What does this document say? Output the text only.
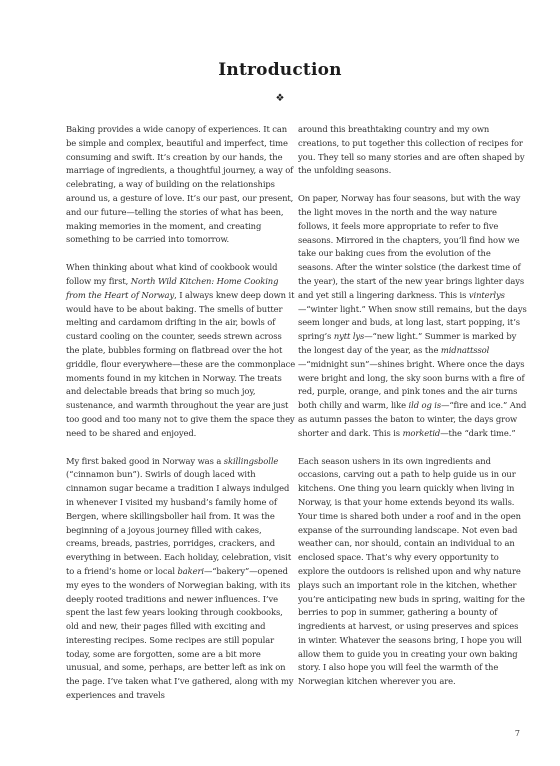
Introduction
❖

Baking provides a wide canopy of experiences. It can be simple and complex, beautiful and imperfect, time consuming and swift. It’s creation by our hands, the marriage of ingredients, a thoughtful journey, a way of celebrating, a way of building on the relationships around us, a gesture of love. It’s our past, our present, and our future—telling the stories of what has been, making memories in the moment, and creating something to be carried into tomorrow.

When thinking about what kind of cookbook would follow my first, North Wild Kitchen: Home Cooking from the Heart of Norway, I always knew deep down it would have to be about baking. The smells of butter melting and cardamom drifting in the air, bowls of custard cooling on the counter, seeds strewn across the plate, bubbles forming on flatbread over the hot griddle, flour everywhere—these are the commonplace moments found in my kitchen in Norway. The treats and delectable breads that bring so much joy, sustenance, and warmth throughout the year are just too good and too many not to give them the space they need to be shared and enjoyed.

My first baked good in Norway was a skillingsbolle (“cinnamon bun”). Swirls of dough laced with cinnamon sugar became a tradition I always indulged in whenever I visited my husband’s family home of Bergen, where skillingsboller hail from. It was the beginning of a joyous journey filled with cakes, creams, breads, pastries, porridges, crackers, and everything in between. Each holiday, celebration, visit to a friend’s home or local bakeri—“bakery”—opened my eyes to the wonders of Norwegian baking, with its deeply rooted traditions and newer influences. I’ve spent the last few years looking through cookbooks, old and new, their pages filled with exciting and interesting recipes. Some recipes are still popular today, some are forgotten, some are a bit more unusual, and some, perhaps, are better left as ink on the page. I’ve taken what I’ve gathered, along with my experiences and travels

around this breathtaking country and my own creations, to put together this collection of recipes for you. They tell so many stories and are often shaped by the unfolding seasons.

On paper, Norway has four seasons, but with the way the light moves in the north and the way nature follows, it feels more appropriate to refer to five seasons. Mirrored in the chapters, you’ll find how we take our baking cues from the evolution of the seasons. After the winter solstice (the darkest time of the year), the start of the new year brings lighter days and yet still a lingering darkness. This is vinterlys—“winter light.” When snow still remains, but the days seem longer and buds, at long last, start popping, it’s spring’s nytt lys—“new light.” Summer is marked by the longest day of the year, as the midnattssol—“midnight sun”—shines bright. Where once the days were bright and long, the sky soon burns with a fire of red, purple, orange, and pink tones and the air turns both chilly and warm, like ild og is—“fire and ice.” And as autumn passes the baton to winter, the days grow shorter and dark. This is morketid—the “dark time.”

Each season ushers in its own ingredients and occasions, carving out a path to help guide us in our kitchens. One thing you learn quickly when living in Norway, is that your home extends beyond its walls. Your time is shared both under a roof and in the open expanse of the surrounding landscape. Not even bad weather can, nor should, contain an individual to an enclosed space. That’s why every opportunity to explore the outdoors is relished upon and why nature plays such an important role in the kitchen, whether you’re anticipating new buds in spring, waiting for the berries to pop in summer, gathering a bounty of ingredients at harvest, or using preserves and spices in winter. Whatever the seasons bring, I hope you will allow them to guide you in creating your own baking story. I also hope you will feel the warmth of the Norwegian kitchen wherever you are.

7
